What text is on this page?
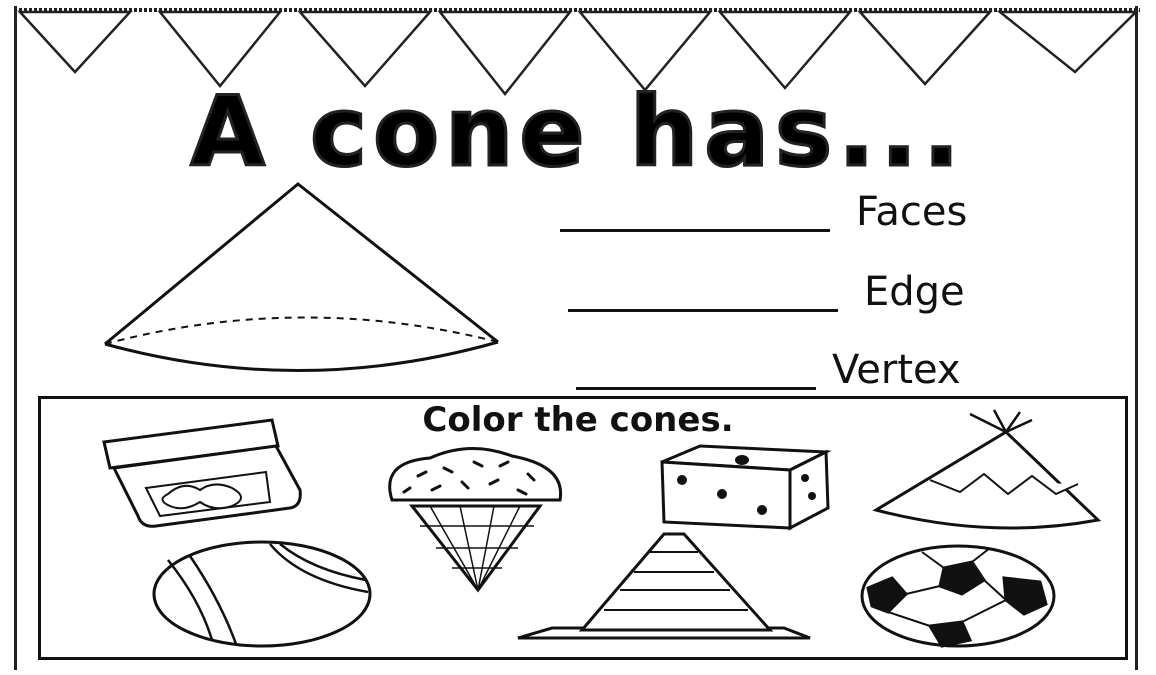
A cone has...
Faces
Edge
Vertex
Color the cones.
